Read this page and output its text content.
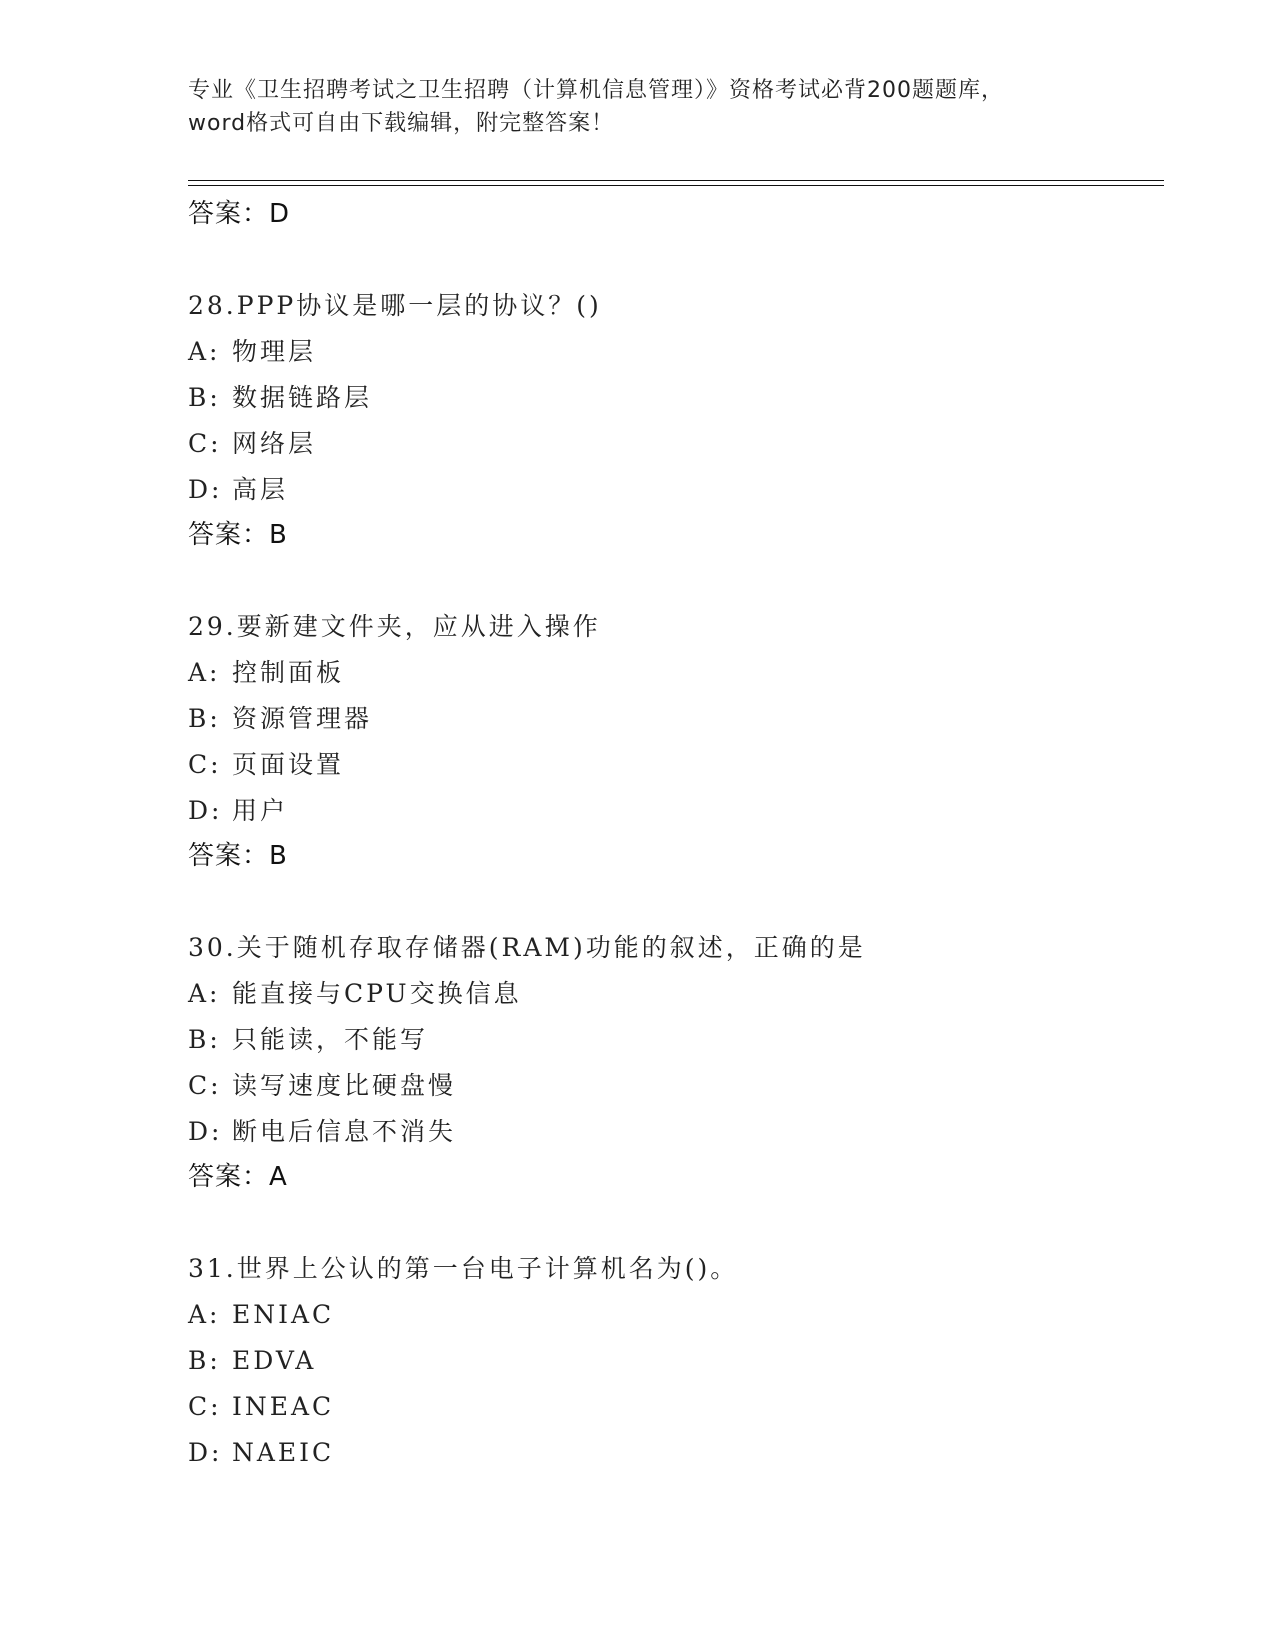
专业《卫生招聘考试之卫生招聘（计算机信息管理）》资格考试必背200题题库，
word格式可自由下载编辑，附完整答案！
答案：D
28.PPP协议是哪一层的协议？()
A: 物理层
B: 数据链路层
C: 网络层
D: 高层
答案：B
29.要新建文件夹，应从进入操作
A: 控制面板
B: 资源管理器
C: 页面设置
D: 用户
答案：B
30.关于随机存取存储器(RAM)功能的叙述，正确的是
A: 能直接与CPU交换信息
B: 只能读，不能写
C: 读写速度比硬盘慢
D: 断电后信息不消失
答案：A
31.世界上公认的第一台电子计算机名为()。
A: ENIAC
B: EDVA
C: INEAC
D: NAEIC
